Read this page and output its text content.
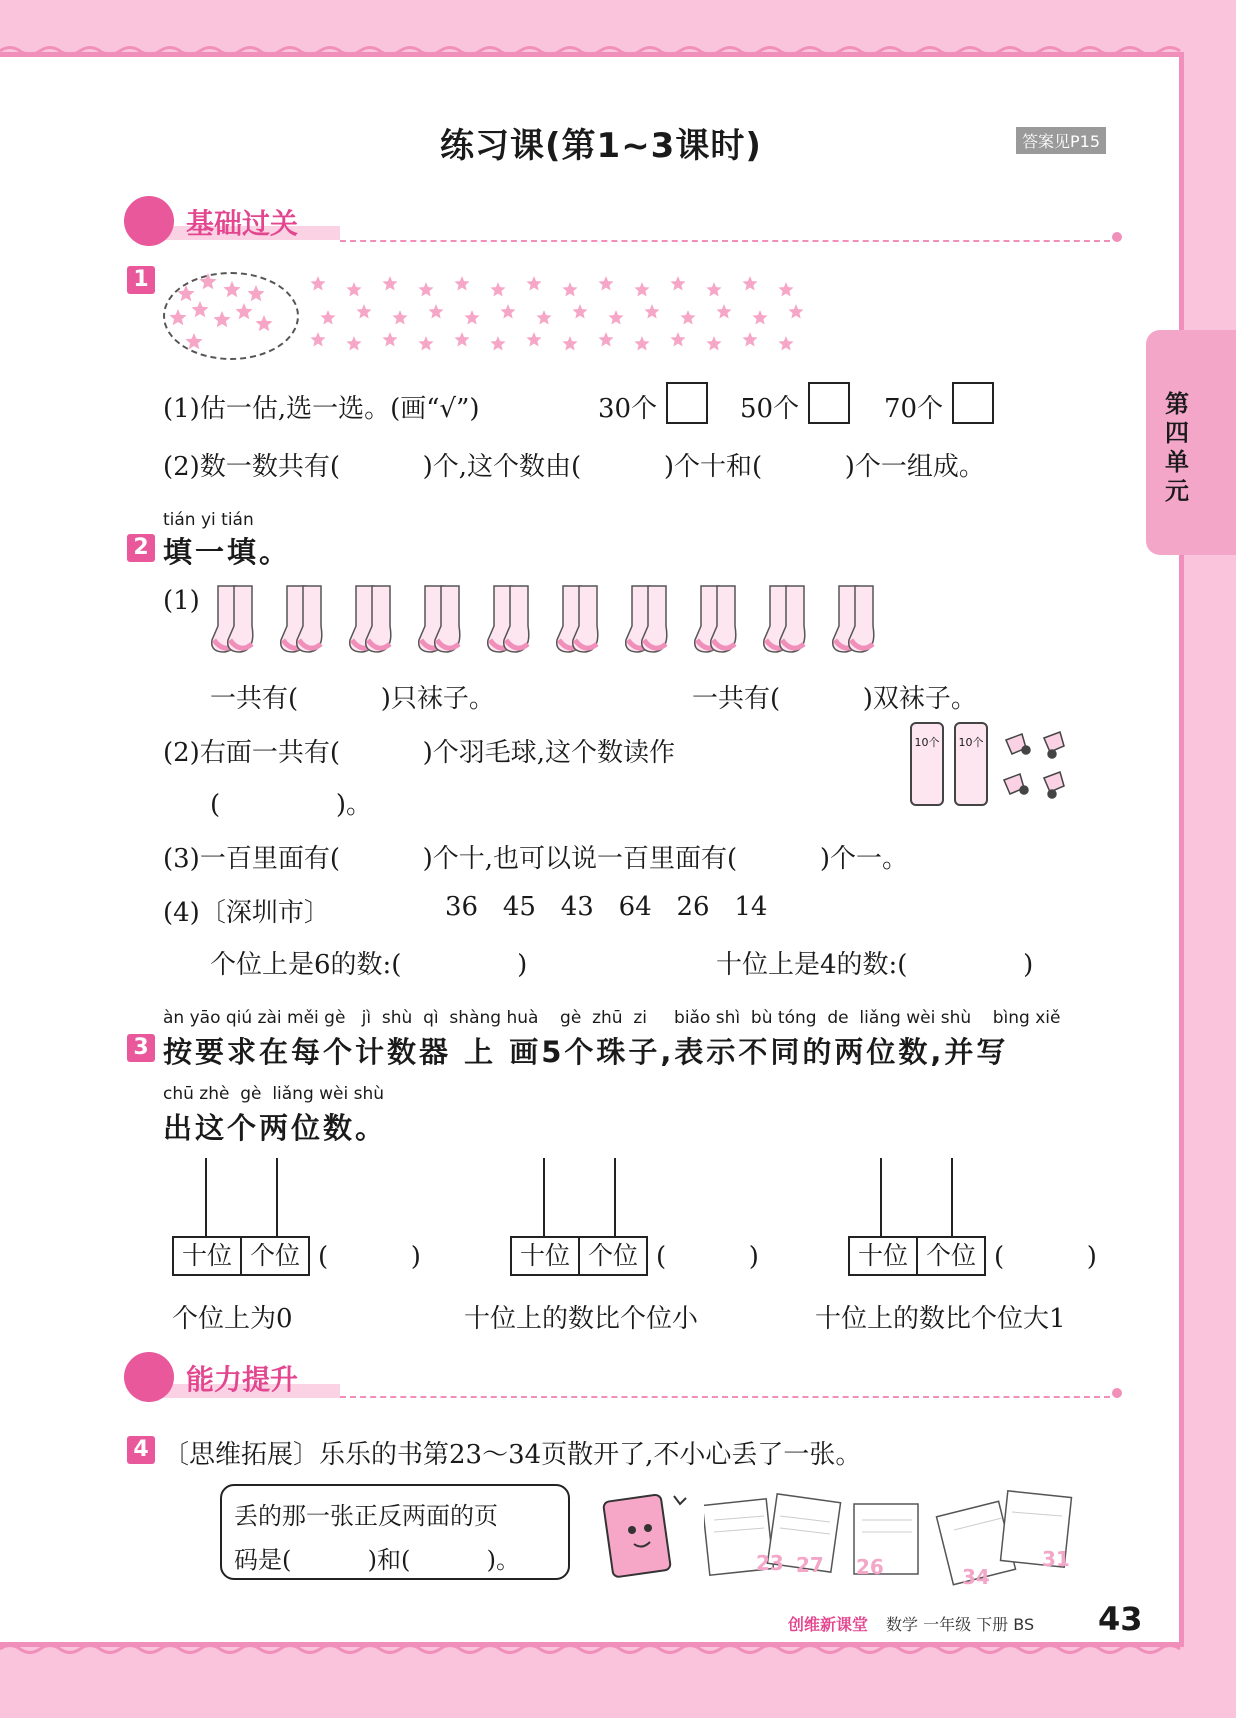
练习课(第1~3课时)	答案见P15
第四单元
基础过关
1
(1)估一估,选一选。(画“√”)	30个	50个	70个
(2)数一数共有(          )个,这个数由(          )个十和(          )个一组成。
tián yi tián
2 填一填。
(1)
一共有(          )只袜子。	一共有(          )双袜子。
(2)右面一共有(          )个羽毛球,这个数读作
(              )。
10个 10个
(3)一百里面有(          )个十,也可以说一百里面有(          )个一。
(4)〔深圳市〕	36   45   43   64   26   14
个位上是6的数:(              )	十位上是4的数:(              )
àn yāo qiú zài měi gè   jì  shù  qì  shàng huà    gè  zhū  zi     biǎo shì  bù tóng  de  liǎng wèi shù    bìng xiě
3 按要求在每个计数器 上 画5个珠子,表示不同的两位数,并写
chū zhè  gè  liǎng wèi shù
出这个两位数。
十位 个位 (          )
个位上为0
十位 个位 (          )
十位上的数比个位小
十位 个位 (          )
十位上的数比个位大1
能力提升
4 〔思维拓展〕乐乐的书第23～34页散开了,不小心丢了一张。
丢的那一张正反两面的页
码是(          )和(          )。	23 27 26	34
31
创维新课堂 数学 一年级 下册 BS 43
